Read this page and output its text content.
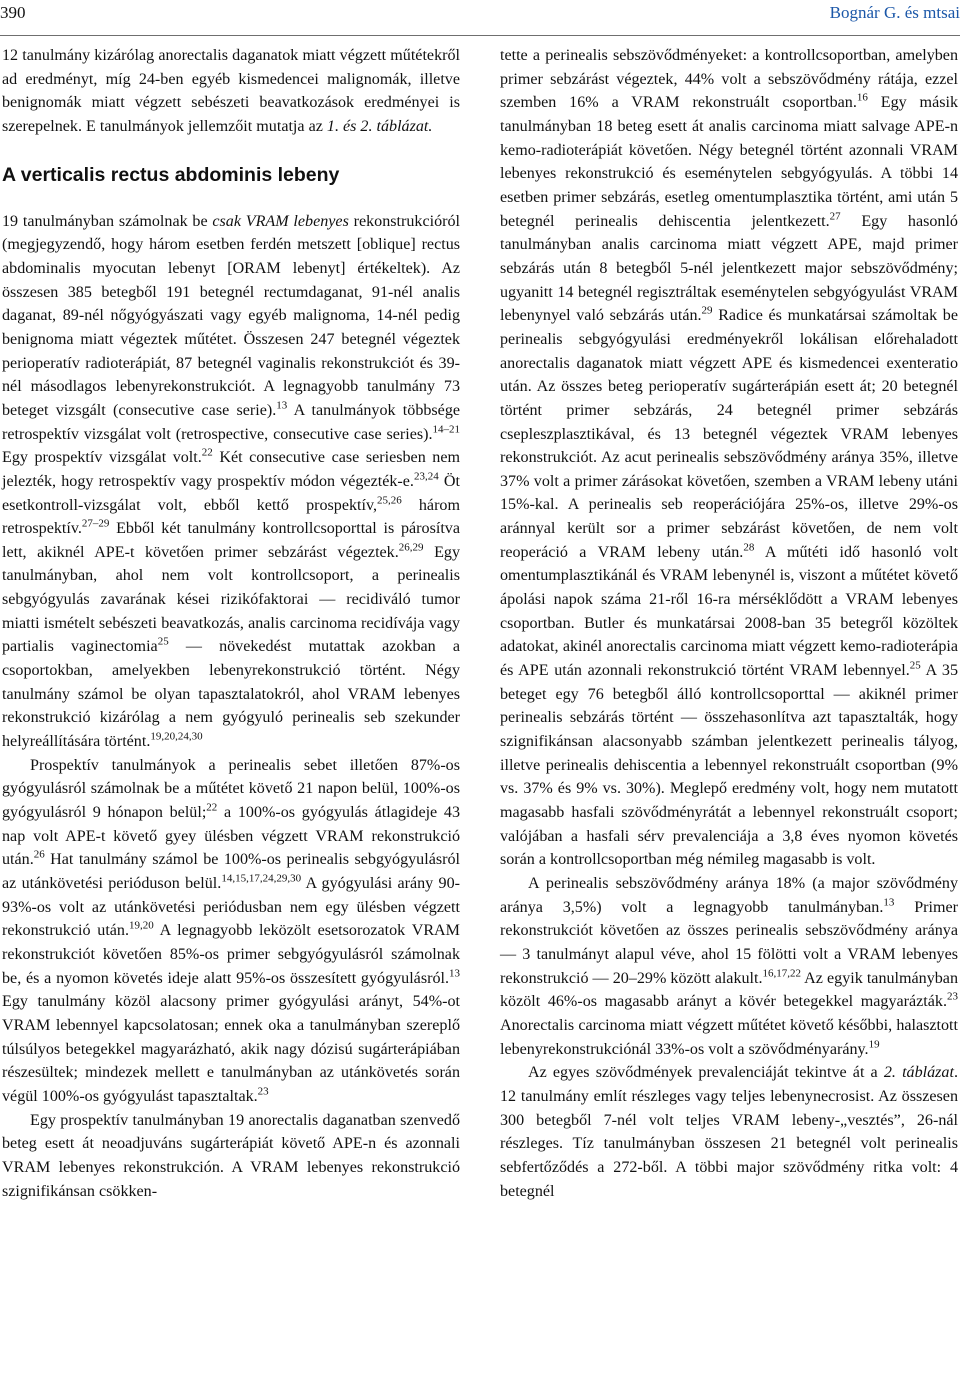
390	Bognár G. és mtsai

12 tanulmány kizárólag anorectalis daganatok miatt végzett műtétekről ad eredményt, míg 24-ben egyéb kismedencei malignomák, illetve benignomák miatt végzett sebészeti beavatkozások eredményei is szerepelnek. E tanulmányok jellemzőit mutatja az 1. és 2. táblázat.

A verticalis rectus abdominis lebeny

19 tanulmányban számolnak be csak VRAM lebenyes rekonstrukcióról (megjegyzendő, hogy három esetben ferdén metszett [oblique] rectus abdominalis myocutan lebenyt [ORAM lebenyt] értékeltek). Az összesen 385 betegből 191 betegnél rectumdaganat, 91-nél analis daganat, 89-nél nőgyógyászati vagy egyéb malignoma, 14-nél pedig benignoma miatt végeztek műtétet. Összesen 247 betegnél végeztek perioperatív radioterápiát, 87 betegnél vaginalis rekonstrukciót és 39-nél másodlagos lebenyrekonstrukciót. A legnagyobb tanulmány 73 beteget vizsgált (consecutive case serie).$^{13}$ A tanulmányok többsége retrospektív vizsgálat volt (retrospective, consecutive case series).$^{14-21}$ Egy prospektív vizsgálat volt.$^{22}$ Két consecutive case seriesben nem jelezték, hogy retrospektív vagy prospektív módon végezték-e.$^{23,24}$ Öt esetkontroll-vizsgálat volt, ebből kettő prospektív,$^{25,26}$ három retrospektív.$^{27-29}$ Ebből két tanulmány kontrollcsoporttal is párosítva lett, akiknél APE-t követően primer sebzárást végeztek.$^{26,29}$ Egy tanulmányban, ahol nem volt kontrollcsoport, a perinealis sebgyógyulás zavarának kései rizikófaktorai — recidiváló tumor miatti ismételt sebészeti beavatkozás, analis carcinoma recidívája vagy partialis vaginectomia$^{25}$ — növekedést mutattak azokban a csoportokban, amelyekben lebenyrekonstrukció történt. Négy tanulmány számol be olyan tapasztalatokról, ahol VRAM lebenyes rekonstrukció kizárólag a nem gyógyuló perinealis seb szekunder helyreállítására történt.$^{19,20,24,30}$

Prospektív tanulmányok a perinealis sebet illetően 87%-os gyógyulásról számolnak be a műtétet követő 21 napon belül, 100%-os gyógyulásról 9 hónapon belül;$^{22}$ a 100%-os gyógyulás átlagideje 43 nap volt APE-t követő gyey ülésben végzett VRAM rekonstrukció után.$^{26}$ Hat tanulmány számol be 100%-os perinealis sebgyógyulásról az utánkövetési perióduson belül.$^{14,15,17,24,29,30}$ A gyógyulási arány 90-93%-os volt az utánkövetési periódusban nem egy ülésben végzett rekonstrukció után.$^{19,20}$ A legnagyobb leközölt esetsorozatok VRAM rekonstrukciót követően 85%-os primer sebgyógyulásról számolnak be, és a nyomon követés ideje alatt 95%-os összesített gyógyulásról.$^{13}$ Egy tanulmány közöl alacsony primer gyógyulási arányt, 54%-ot VRAM lebennyel kapcsolatosan; ennek oka a tanulmányban szereplő túlsúlyos betegekkel magyarázható, akik nagy dózisú sugárterápiában részesültek; mindezek mellett e tanulmányban az utánkövetés során végül 100%-os gyógyulást tapasztaltak.$^{23}$

Egy prospektív tanulmányban 19 anorectalis daganatban szenvedő beteg esett át neoadjuváns sugárterápiát követő APE-n és azonnali VRAM lebenyes rekonstrukción. A VRAM lebenyes rekonstrukció szignifikánsan csökken-

tette a perinealis sebszövődményeket: a kontrollcsoportban, amelyben primer sebzárást végeztek, 44% volt a sebszövődmény rátája, ezzel szemben 16% a VRAM rekonstruált csoportban.$^{16}$ Egy másik tanulmányban 18 beteg esett át analis carcinoma miatt salvage APE-n kemo-radioterápiát követően. Négy betegnél történt azonnali VRAM lebenyes rekonstrukció és eseménytelen sebgyógyulás. A többi 14 esetben primer sebzárás, esetleg omentumplasztika történt, ami után 5 betegnél perinealis dehiscentia jelentkezett.$^{27}$ Egy hasonló tanulmányban analis carcinoma miatt végzett APE, majd primer sebzárás után 8 betegből 5-nél jelentkezett major sebszövődmény; ugyanitt 14 betegnél regisztráltak eseménytelen sebgyógyulást VRAM lebenynyel való sebzárás után.$^{29}$ Radice és munkatársai számoltak be perinealis sebgyógyulási eredményekről lokálisan előrehaladott anorectalis daganatok miatt végzett APE és kismedencei exenteratio után. Az összes beteg perioperatív sugárterápián esett át; 20 betegnél történt primer sebzárás, 24 betegnél primer sebzárás csepleszplasztikával, és 13 betegnél végeztek VRAM lebenyes rekonstrukciót. Az acut perinealis sebszövődmény aránya 35%, illetve 37% volt a primer zárásokat követően, szemben a VRAM lebeny utáni 15%-kal. A perinealis seb reoperációjára 25%-os, illetve 29%-os aránnyal került sor a primer sebzárást követően, de nem volt reoperáció a VRAM lebeny után.$^{28}$ A műtéti idő hasonló volt omentumplasztikánál és VRAM lebenynél is, viszont a műtétet követő ápolási napok száma 21-ről 16-ra mérséklődött a VRAM lebenyes csoportban. Butler és munkatársai 2008-ban 35 betegről közöltek adatokat, akinél anorectalis carcinoma miatt végzett kemo-radioterápia és APE után azonnali rekonstrukció történt VRAM lebennyel.$^{25}$ A 35 beteget egy 76 betegből álló kontrollcsoporttal — akiknél primer perinealis sebzárás történt — összehasonlítva azt tapasztalták, hogy szignifikánsan alacsonyabb számban jelentkezett perinealis tályog, illetve perinealis dehiscentia a lebennyel rekonstruált csoportban (9% vs. 37% és 9% vs. 30%). Meglepő eredmény volt, hogy nem mutatott magasabb hasfali szövődményrátát a lebennyel rekonstruált csoport; valójában a hasfali sérv prevalenciája a 3,8 éves nyomon követés során a kontrollcsoportban még némileg magasabb is volt.

A perinealis sebszövődmény aránya 18% (a major szövődmény aránya 3,5%) volt a legnagyobb tanulmányban.$^{13}$ Primer rekonstrukciót követően az összes perinealis sebszövődmény aránya — 3 tanulmányt alapul véve, ahol 15 fölötti volt a VRAM lebenyes rekonstrukció — 20–29% között alakult.$^{16,17,22}$ Az egyik tanulmányban közölt 46%-os magasabb arányt a kövér betegekkel magyarázták.$^{23}$ Anorectalis carcinoma miatt végzett műtétet követő későbbi, halasztott lebenyrekonstrukciónál 33%-os volt a szövődményarány.$^{19}$

Az egyes szövődmények prevalenciáját tekintve át a 2. táblázat. 12 tanulmány említ részleges vagy teljes lebenynecrosist. Az összesen 300 betegből 7-nél volt teljes VRAM lebeny-„vesztés”, 26-nál részleges. Tíz tanulmányban összesen 21 betegnél volt perinealis sebfertőződés a 272-ből. A többi major szövődmény ritka volt: 4 betegnél
